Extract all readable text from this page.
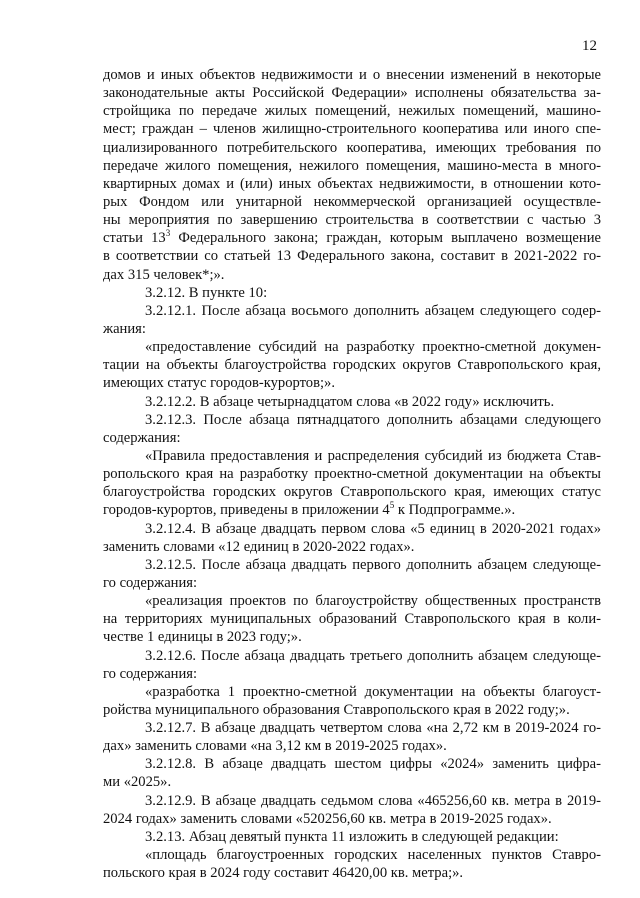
12
домов и иных объектов недвижимости и о внесении изменений в некоторые
законодательные акты Российской Федерации» исполнены обязательства за-
стройщика по передаче жилых помещений, нежилых помещений, машино-
мест; граждан – членов жилищно-строительного кооператива или иного спе-
циализированного потребительского кооператива, имеющих требования по
передаче жилого помещения, нежилого помещения, машино-места в много-
квартирных домах и (или) иных объектах недвижимости, в отношении кото-
рых Фондом или унитарной некоммерческой организацией осуществле-
ны мероприятия по завершению строительства в соответствии с частью 3
статьи $13^3$ Федерального закона; граждан, которым выплачено возмещение
в соответствии со статьей 13 Федерального закона, составит в 2021-2022 го-
дах 315 человек*;».
3.2.12. В пункте 10:
3.2.12.1. После абзаца восьмого дополнить абзацем следующего содер-
жания:
«предоставление субсидий на разработку проектно-сметной докумен-
тации на объекты благоустройства городских округов Ставропольского края,
имеющих статус городов-курортов;».
3.2.12.2. В абзаце четырнадцатом слова «в 2022 году» исключить.
3.2.12.3. После абзаца пятнадцатого дополнить абзацами следующего
содержания:
«Правила предоставления и распределения субсидий из бюджета Став-
ропольского края на разработку проектно-сметной документации на объекты
благоустройства городских округов Ставропольского края, имеющих статус
городов-курортов, приведены в приложении $4^5$ к Подпрограмме.».
3.2.12.4. В абзаце двадцать первом слова «5 единиц в 2020-2021 годах»
заменить словами «12 единиц в 2020-2022 годах».
3.2.12.5. После абзаца двадцать первого дополнить абзацем следующе-
го содержания:
«реализация проектов по благоустройству общественных пространств
на территориях муниципальных образований Ставропольского края в коли-
честве 1 единицы в 2023 году;».
3.2.12.6. После абзаца двадцать третьего дополнить абзацем следующе-
го содержания:
«разработка 1 проектно-сметной документации на объекты благоуст-
ройства муниципального образования Ставропольского края в 2022 году;».
3.2.12.7. В абзаце двадцать четвертом слова «на 2,72 км в 2019-2024 го-
дах» заменить словами «на 3,12 км в 2019-2025 годах».
3.2.12.8. В абзаце двадцать шестом цифры «2024» заменить цифра-
ми «2025».
3.2.12.9. В абзаце двадцать седьмом слова «465256,60 кв. метра в 2019-
2024 годах» заменить словами «520256,60 кв. метра в 2019-2025 годах».
3.2.13. Абзац девятый пункта 11 изложить в следующей редакции:
«площадь благоустроенных городских населенных пунктов Ставро-
польского края в 2024 году составит 46420,00 кв. метра;».
